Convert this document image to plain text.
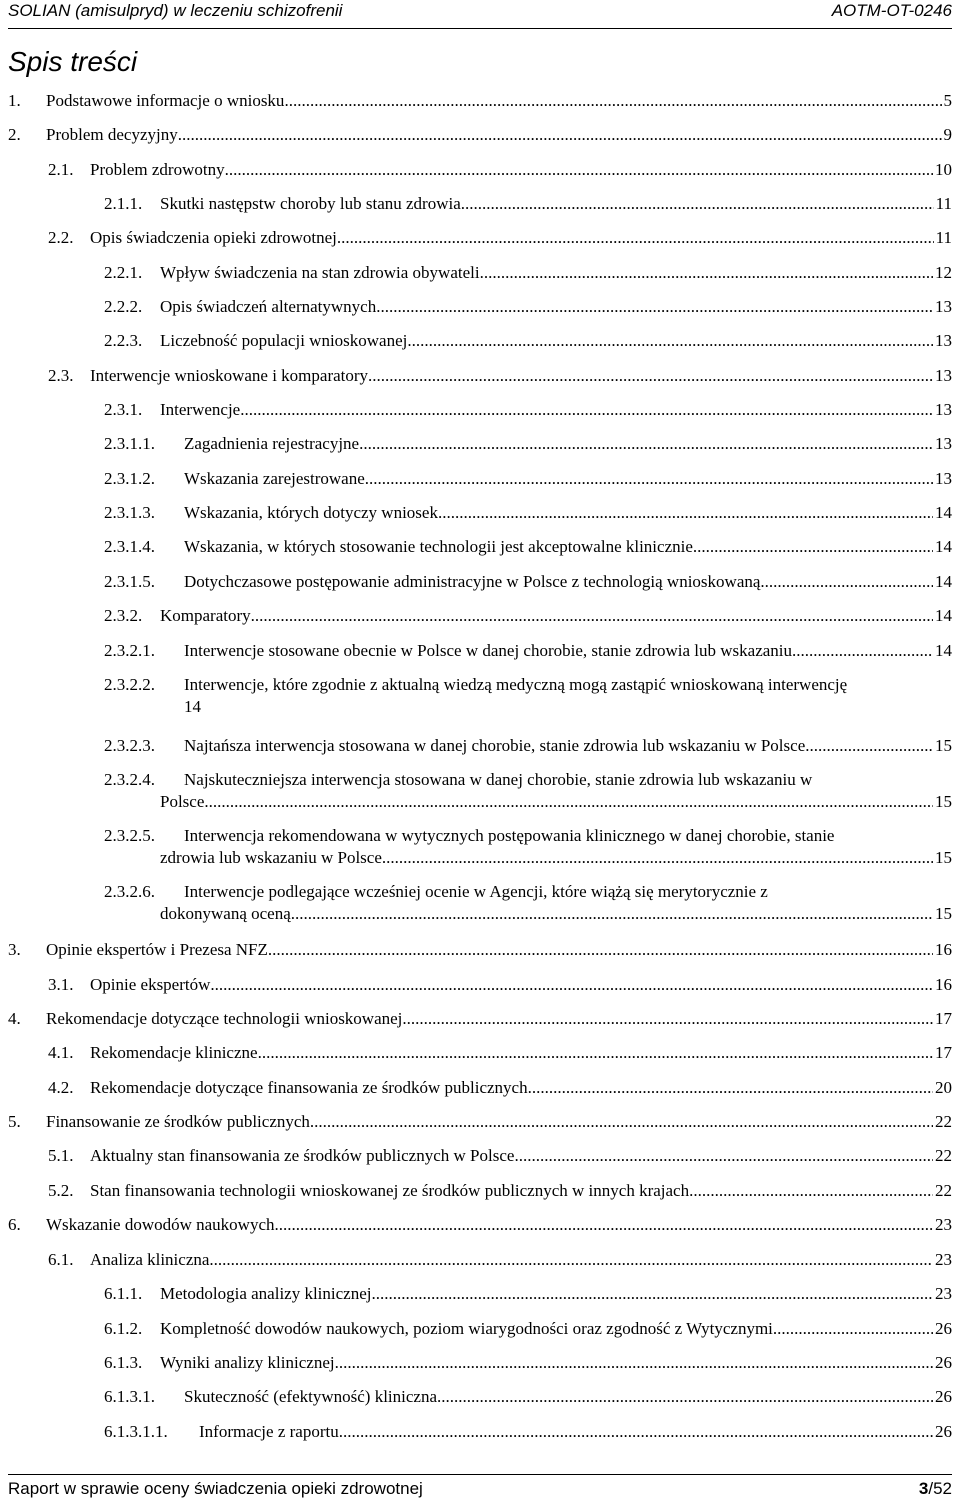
SOLIAN (amisulpryd) w leczeniu schizofrenii	AOTM-OT-0246
Spis treści
1.	Podstawowe informacje o wniosku .....	5
2.	Problem decyzyjny .....	9
2.1. Problem zdrowotny .....	10
2.1.1.	Skutki następstw choroby lub stanu zdrowia .....	11
2.2. Opis świadczenia opieki zdrowotnej .....	11
2.2.1.	Wpływ świadczenia na stan zdrowia obywateli .....	12
2.2.2.	Opis świadczeń alternatywnych .....	13
2.2.3.	Liczebność populacji wnioskowanej .....	13
2.3. Interwencje wnioskowane i komparatory .....	13
2.3.1.	Interwencje .....	13
2.3.1.1.	Zagadnienia rejestracyjne .....	13
2.3.1.2.	Wskazania zarejestrowane .....	13
2.3.1.3.	Wskazania, których dotyczy wniosek .....	14
2.3.1.4.	Wskazania, w których stosowanie technologii jest akceptowalne klinicznie .....	14
2.3.1.5.	Dotychczasowe postępowanie administracyjne w Polsce z technologią wnioskowaną .....	14
2.3.2.	Komparatory .....	14
2.3.2.1.	Interwencje stosowane obecnie w Polsce w danej chorobie, stanie zdrowia lub wskazaniu .....	14
2.3.2.2.	Interwencje, które zgodnie z aktualną wiedzą medyczną mogą zastąpić wnioskowaną interwencję
14
2.3.2.3.	Najtańsza interwencja stosowana w danej chorobie, stanie zdrowia lub wskazaniu w Polsce .....	15
2.3.2.4.	Najskuteczniejsza interwencja stosowana w danej chorobie, stanie zdrowia lub wskazaniu w
Polsce .....	15
2.3.2.5.	Interwencja rekomendowana w wytycznych postępowania klinicznego w danej chorobie, stanie
zdrowia lub wskazaniu w Polsce .....	15
2.3.2.6.	Interwencje podlegające wcześniej ocenie w Agencji, które wiążą się merytorycznie z
dokonywaną oceną .....	15
3.	Opinie ekspertów i Prezesa NFZ .....	16
3.1. Opinie ekspertów .....	16
4.	Rekomendacje dotyczące technologii wnioskowanej .....	17
4.1. Rekomendacje kliniczne .....	17
4.2. Rekomendacje dotyczące finansowania ze środków publicznych .....	20
5.	Finansowanie ze środków publicznych .....	22
5.1. Aktualny stan finansowania ze środków publicznych w Polsce .....	22
5.2. Stan finansowania technologii wnioskowanej ze środków publicznych w innych krajach .....	22
6.	Wskazanie dowodów naukowych .....	23
6.1. Analiza kliniczna .....	23
6.1.1.	Metodologia analizy klinicznej .....	23
6.1.2.	Kompletność dowodów naukowych, poziom wiarygodności oraz zgodność z Wytycznymi .....	26
6.1.3.	Wyniki analizy klinicznej .....	26
6.1.3.1.	Skuteczność (efektywność) kliniczna .....	26
6.1.3.1.1.	Informacje z raportu .....	26
Raport w sprawie oceny świadczenia opieki zdrowotnej	3/52
